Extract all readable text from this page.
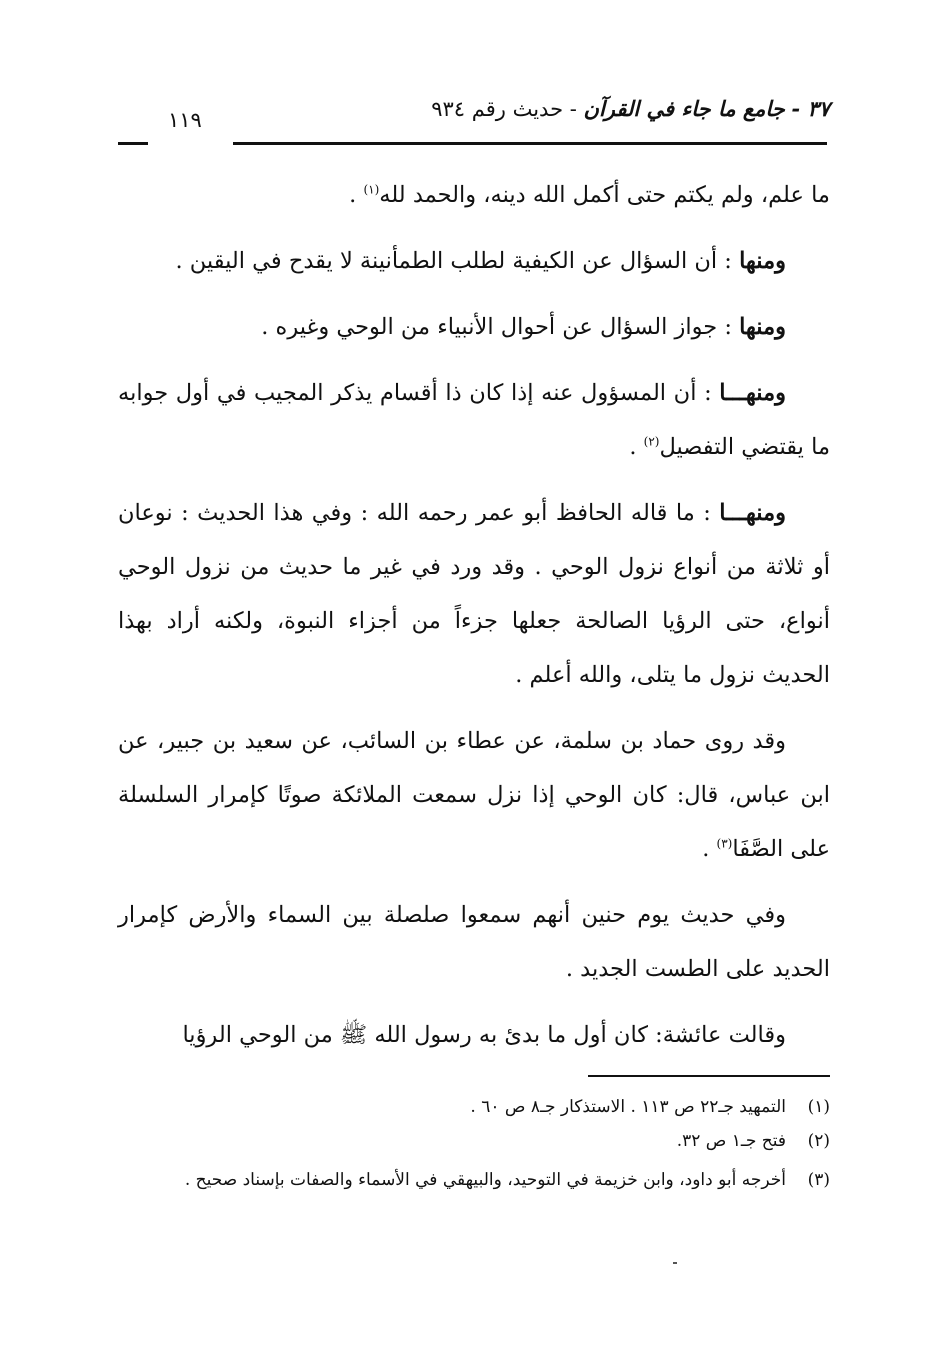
٣٧ - جامع ما جاء في القرآن - حديث رقم ٩٣٤
١١٩

ما علم، ولم يكتم حتى أكمل الله دينه، والحمد لله$^{(١)}$ .

ومنها : أن السؤال عن الكيفية لطلب الطمأنينة لا يقدح في اليقين .

ومنها : جواز السؤال عن أحوال الأنبياء من الوحي وغيره .

ومنهـــا : أن المسؤول عنه إذا كان ذا أقسام يذكر المجيب في أول جوابه ما يقتضي التفصيل$^{(٢)}$ .

ومنهـــا : ما قاله الحافظ أبو عمر رحمه الله : وفي هذا الحديث : نوعان أو ثلاثة من أنواع نزول الوحي . وقد ورد في غير ما حديث من نزول الوحي أنواع، حتى الرؤيا الصالحة جعلها جزءاً من أجزاء النبوة، ولكنه أراد بهذا الحديث نزول ما يتلى، والله أعلم .

وقد روى حماد بن سلمة، عن عطاء بن السائب، عن سعيد بن جبير، عن ابن عباس، قال: كان الوحي إذا نزل سمعت الملائكة صوتًا كإمرار السلسلة على الصَّفَا$^{(٣)}$ .

وفي حديث يوم حنين أنهم سمعوا صلصلة بين السماء والأرض كإمرار الحديد على الطست الجديد .

وقالت عائشة: كان أول ما بدئ به رسول الله ﷺ من الوحي الرؤيا

(١)
التمهيد جـ٢٢ ص ١١٣ . الاستذكار جـ٨ ص ٦٠ .

(٢)
فتح جـ١ ص ٣٢.

(٣)
أخرجه أبو داود، وابن خزيمة في التوحيد، والبيهقي في الأسماء والصفات بإسناد صحيح .
